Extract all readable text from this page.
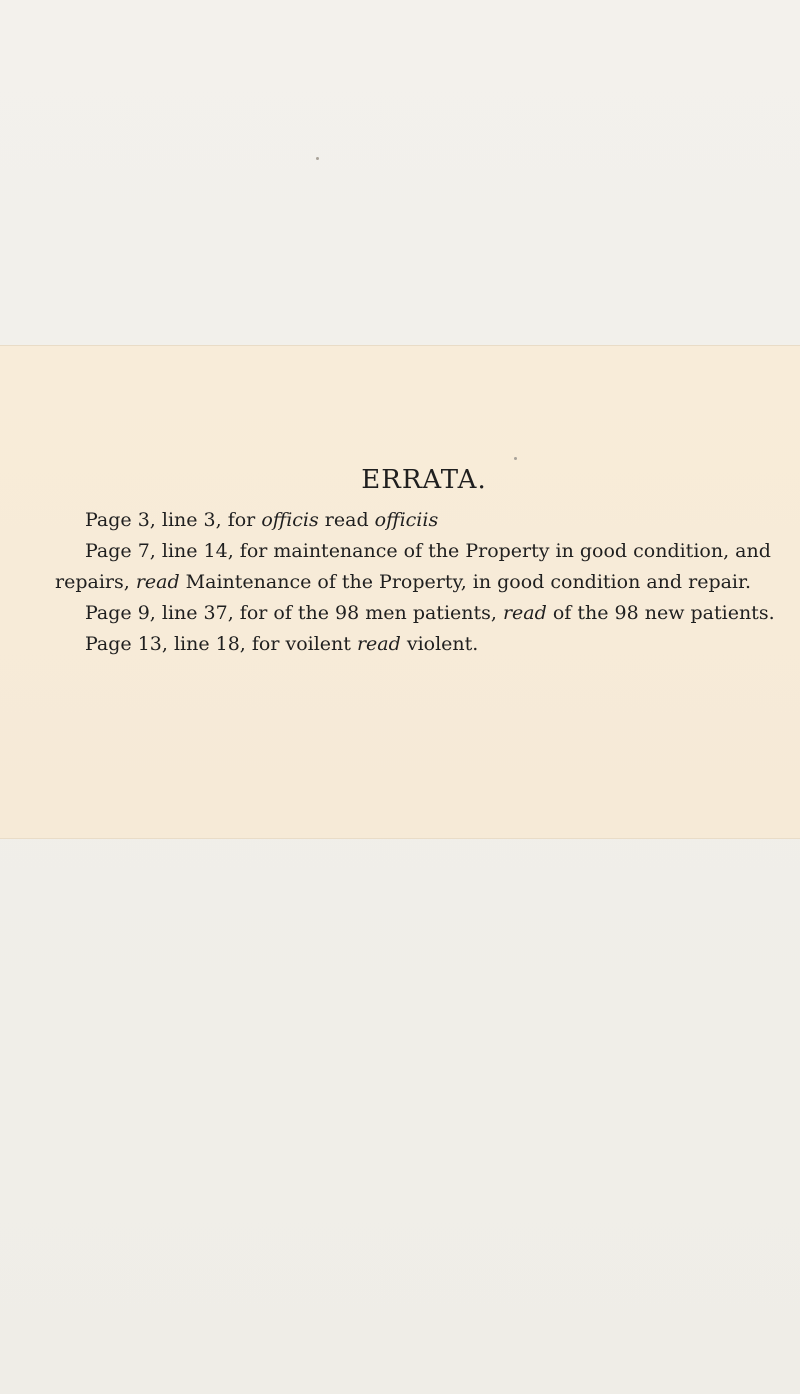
ERRATA.

Page 3, line 3, for officis read officiis

Page 7, line 14, for maintenance of the Property in good condition, and repairs, read Maintenance of the Property, in good condition and repair.

Page 9, line 37, for of the 98 men patients, read of the 98 new patients.

Page 13, line 18, for voilent read violent.
